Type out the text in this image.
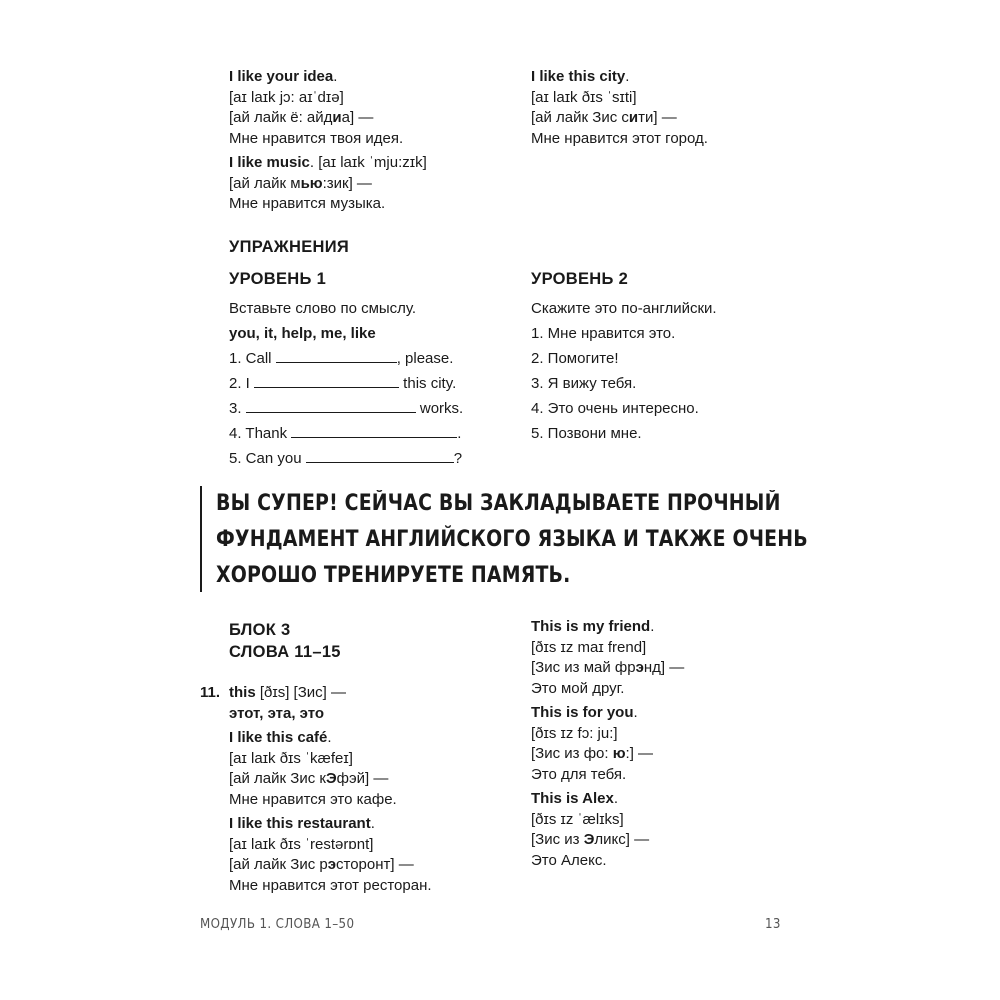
I like your idea.
[aɪ laɪk jɔ: aɪˈdɪə]
[ай лайк ё: айдиа] —
Мне нравится твоя идея.
I like music. [aɪ laɪk ˈmju:zɪk]
[ай лайк мью:зик] —
Мне нравится музыка.
I like this city.
[aɪ laɪk ðɪs ˈsɪti]
[ай лайк Зис сити] —
Мне нравится этот город.
УПРАЖНЕНИЯ
УРОВЕНЬ 1
Вставьте слово по смыслу.
you, it, help, me, like
1. Call	, please.
2. I	this city.
3.	works.
4. Thank	.
5. Can you	?
УРОВЕНЬ 2
Скажите это по-английски.
1. Мне нравится это.
2. Помогите!
3. Я вижу тебя.
4. Это очень интересно.
5. Позвони мне.
ВЫ СУПЕР! СЕЙЧАС ВЫ ЗАКЛАДЫВАЕТЕ ПРОЧНЫЙ
ФУНДАМЕНТ АНГЛИЙСКОГО ЯЗЫКА И ТАКЖЕ ОЧЕНЬ
ХОРОШО ТРЕНИРУЕТЕ ПАМЯТЬ.
БЛОК 3
СЛОВА 11–15
11. this [ðɪs] [Зис] —
этот, эта, это
I like this café.
[aɪ laɪk ðɪs ˈkæfeɪ]
[ай лайк Зис кЭфэй] —
Мне нравится это кафе.
I like this restaurant.
[aɪ laɪk ðɪs ˈrestərɒnt]
[ай лайк Зис рэсторонт] —
Мне нравится этот ресторан.
This is my friend.
[ðɪs ɪz maɪ frend]
[Зис из май фрэнд] —
Это мой друг.
This is for you.
[ðɪs ɪz fɔ: ju:]
[Зис из фо: ю:] —
Это для тебя.
This is Alex.
[ðɪs ɪz ˈælɪks]
[Зис из Эликс] —
Это Алекс.
МОДУЛЬ 1. СЛОВА 1–50	13
